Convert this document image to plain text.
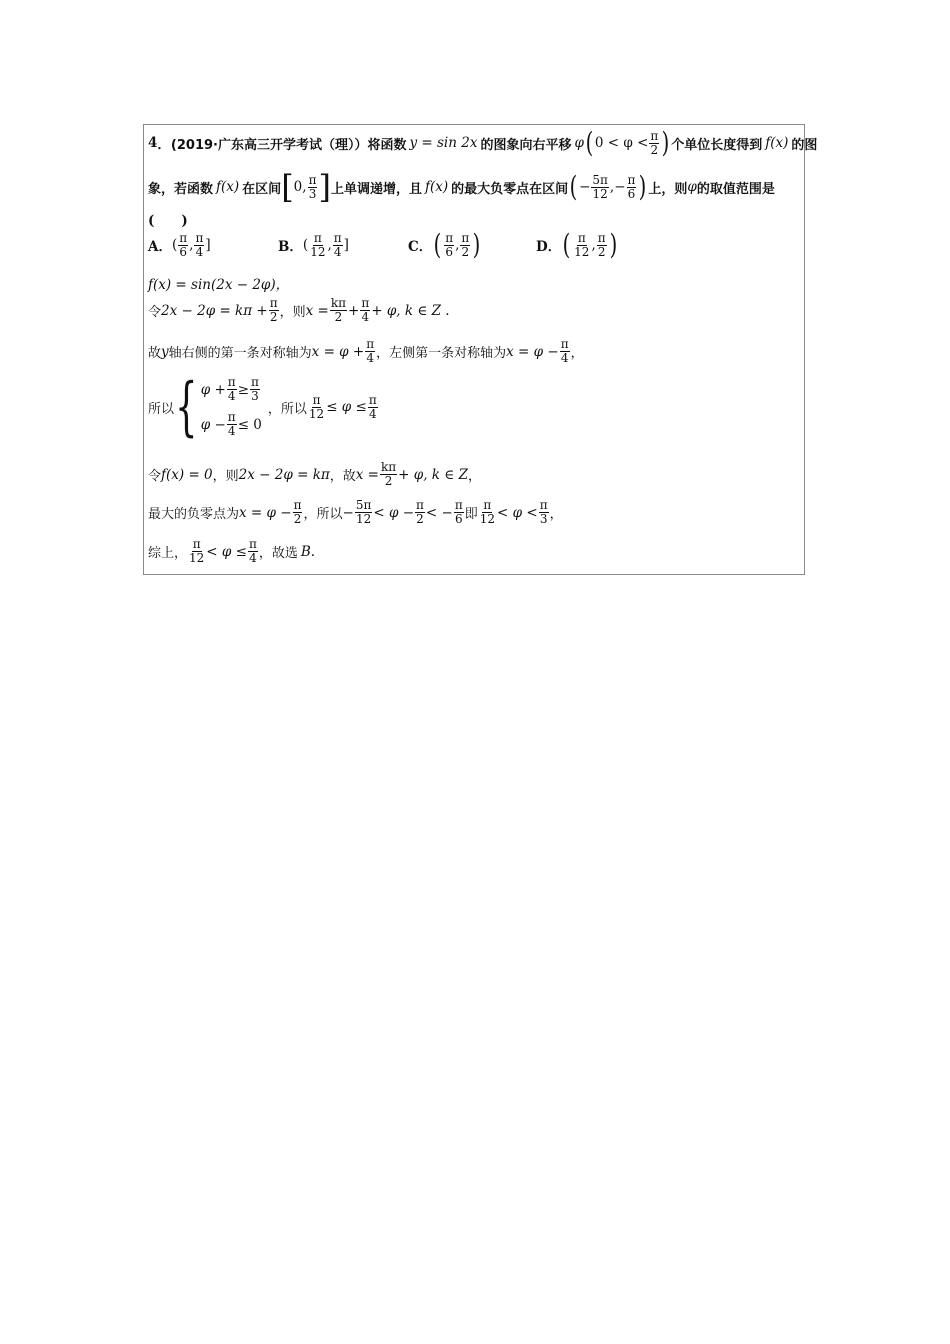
4 ． (2019·广东高三开学考试（理）） 将函数 y = sin 2x 的图象向右平移 φ ( 0 < φ < π
2 ) 个单位长度得到 f(x) 的图
象，若函数 f(x) 在区间 [ 0, π
3 ] 上单调递增，且 f(x) 的最大负零点在区间 ( − $\frac{5\pi}{12}$ , − $\frac{\pi}{6}$ ) 上，则 φ 的取值范围是
(　　)
A． ( π
6 , π
4 ]	B． ( π
12 , π
4 ]	C． ( π
6 , π
2 )	D． ( π
12 , π
2 )
f(x) = sin(2x − 2φ)，
令 $2x - 2\varphi = k\pi + \frac{\pi}{2}$ ，则 $x = \frac{k\pi}{2} + \frac{\pi}{4} + \varphi$, k ∈ Z .
故 y 轴右侧的第一条对称轴为 $x = \varphi + \frac{\pi}{4}$ ，左侧第一条对称轴为 $x = \varphi - \frac{\pi}{4}$ ，
所以 { $\varphi + \frac{\pi}{4} \ge \frac{\pi}{3}$
$\varphi - \frac{\pi}{4} \le 0$
，所以 $\frac{\pi}{12} \le \varphi \le \frac{\pi}{4}$
令 f(x) = 0 ，则 2x − 2φ = kπ ，故 $x = \frac{k\pi}{2} + \varphi$, k ∈ Z ，
最大的负零点为 $x = \varphi - \frac{\pi}{2}$ ，所以 − $\frac{5\pi}{12} < \varphi - \frac{\pi}{2}$ < − $\frac{\pi}{6}$ 即
π
12 < φ < π
3 ，
综上，
π
$12 < \varphi \le \frac{\pi}{4}$ ，故选 B.
